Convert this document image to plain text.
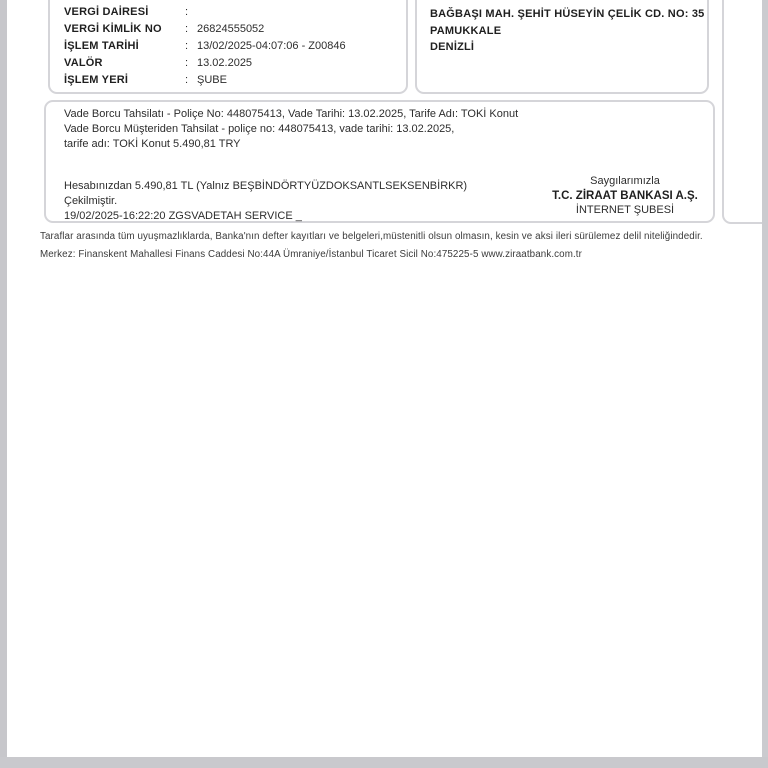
VERGİ DAİRESİ	:
VERGİ KİMLİK NO	: 26824555052
İŞLEM TARİHİ	: 13/02/2025-04:07:06 - Z00846
VALÖR	: 13.02.2025
İŞLEM YERİ	: ŞUBE
BAĞBAŞI MAH. ŞEHİT HÜSEYİN ÇELİK CD. NO: 35
PAMUKKALE
DENİZLİ
Vade Borcu Tahsilatı - Poliçe No: 448075413, Vade Tarihi: 13.02.2025, Tarife Adı: TOKİ Konut
Vade Borcu Müşteriden Tahsilat - poliçe no: 448075413, vade tarihi: 13.02.2025,
tarife adı: TOKİ Konut 5.490,81 TRY
Hesabınızdan 5.490,81 TL (Yalnız BEŞBİNDÖRTYÜZDOKSANTLSEKSENBİRKR)
Çekilmiştir.
19/02/2025-16:22:20 ZGSVADETAH SERVICE _
Saygılarımızla
T.C. ZİRAAT BANKASI A.Ş.
İNTERNET ŞUBESİ
Taraflar arasında tüm uyuşmazlıklarda, Banka'nın defter kayıtları ve belgeleri,müstenitli olsun olmasın, kesin ve aksi ileri sürülemez delil niteliğindedir.
Merkez: Finanskent Mahallesi Finans Caddesi No:44A Ümraniye/İstanbul Ticaret Sicil No:475225-5 www.ziraatbank.com.tr
